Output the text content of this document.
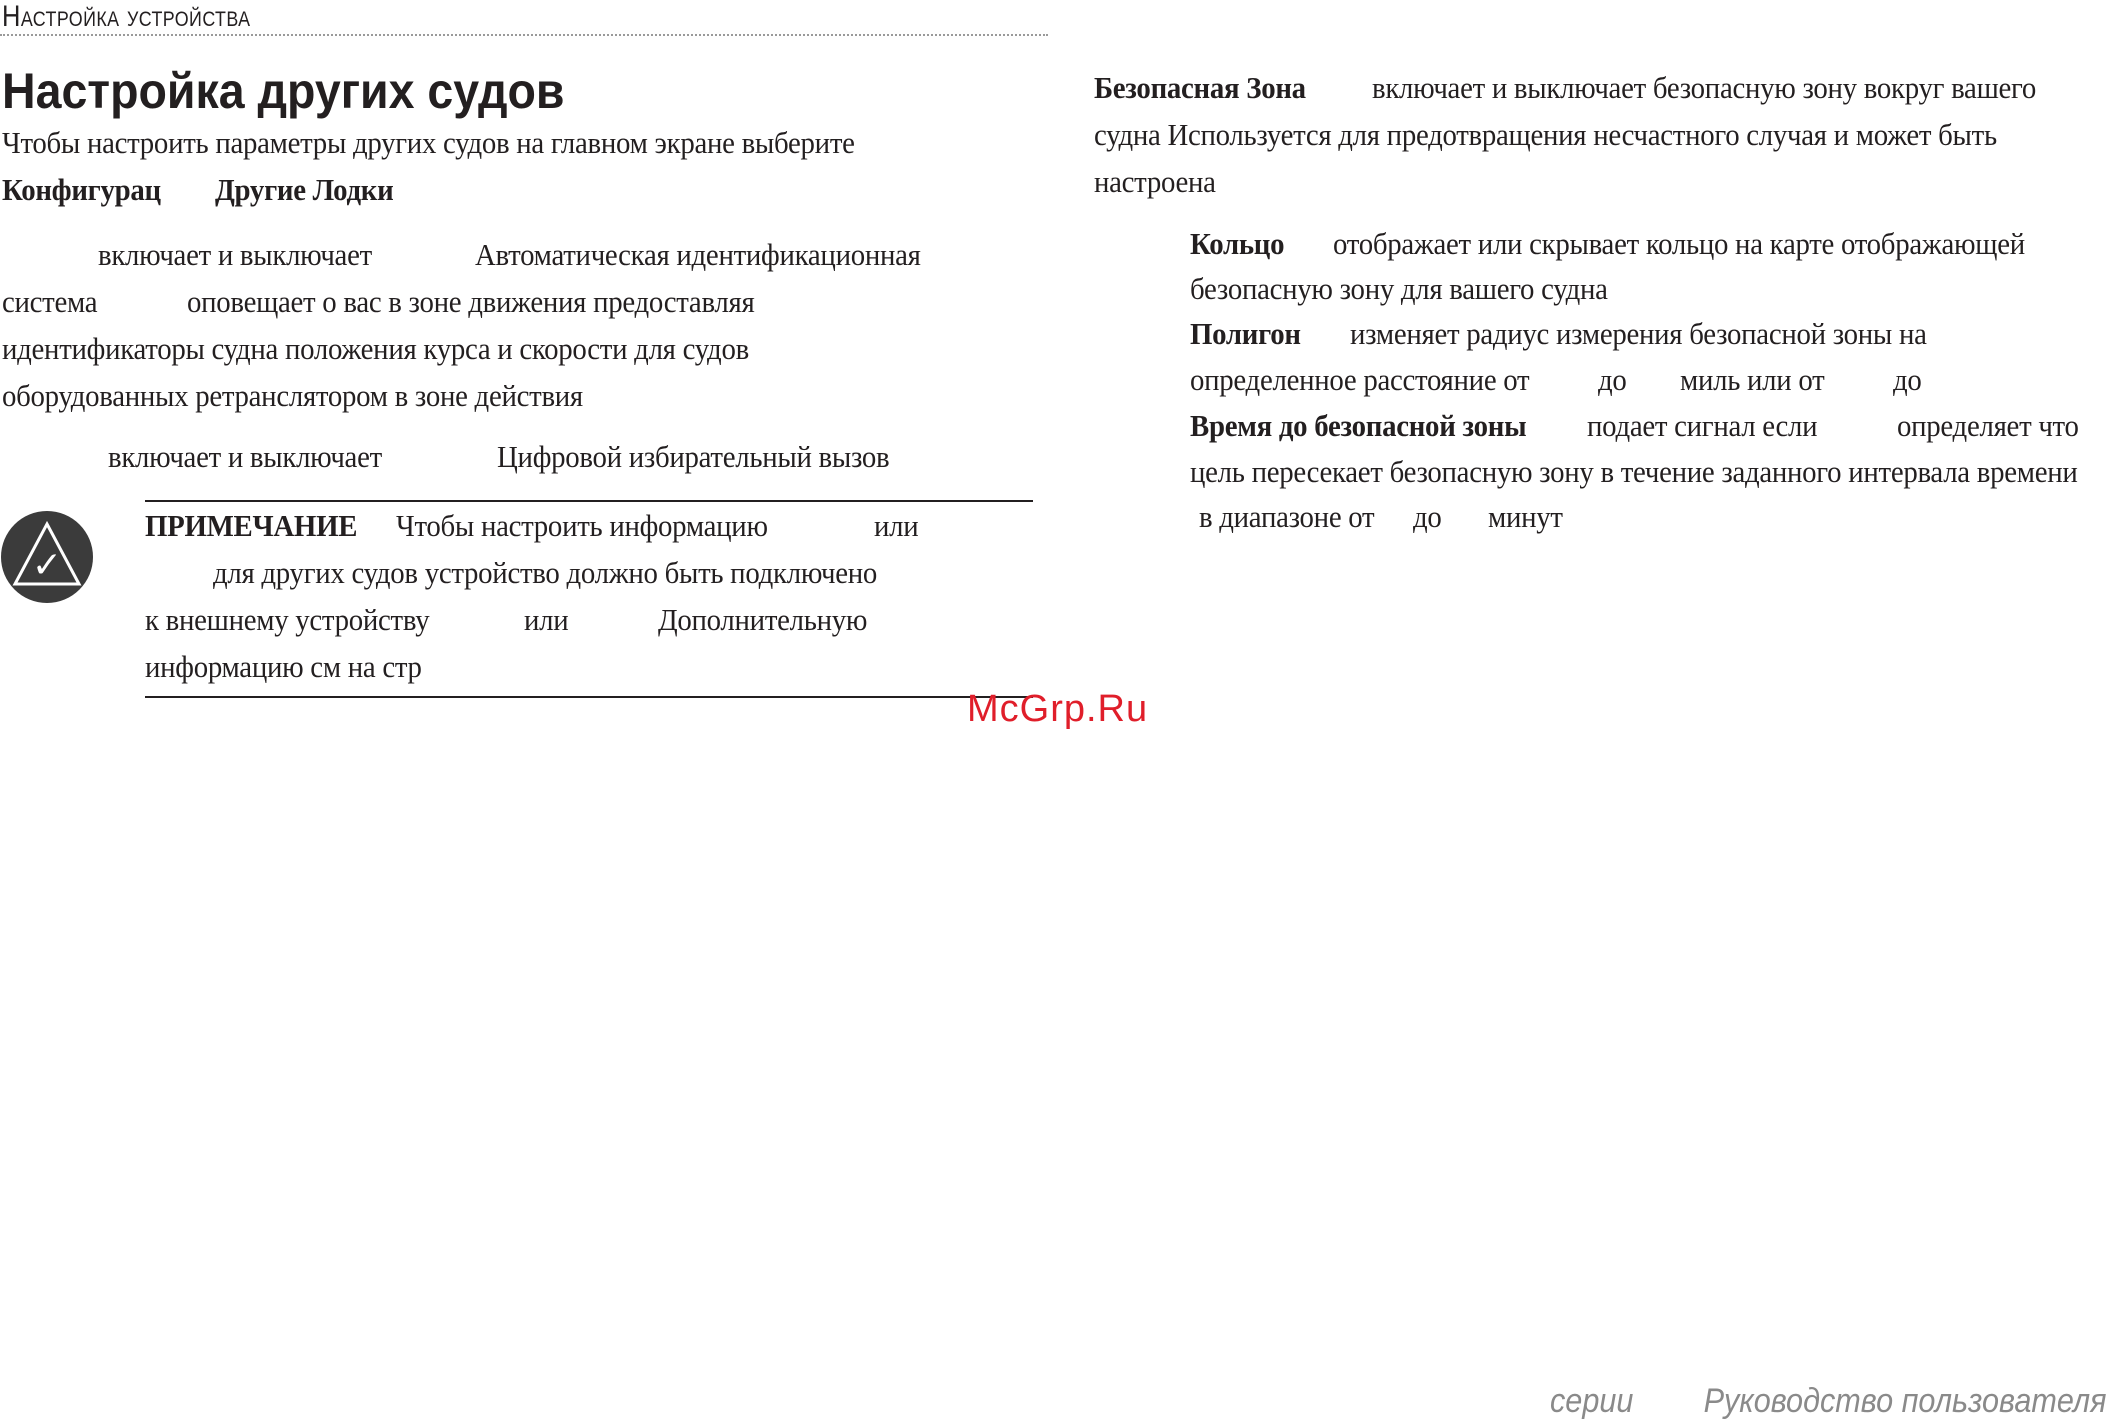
Настройка устройства
Настройка других судов
Чтобы настроить параметры других судов на главном экране выберите
Конфигурац Другие Лодки
включает и выключает	Автоматическая идентификационная
система	оповещает о вас в зоне движения предоставляя
идентификаторы судна положения курса и скорости для судов
оборудованных ретранслятором в зоне действия
включает и выключает	Цифровой избирательный вызов
✓
ПРИМЕЧАНИЕ Чтобы настроить информацию	или
для других судов устройство должно быть подключено
к внешнему устройству	или	Дополнительную
информацию см на стр
Безопасная Зона включает и выключает безопасную зону вокруг вашего
судна Используется для предотвращения несчастного случая и может быть
настроена
Кольцо отображает или скрывает кольцо на карте отображающей
безопасную зону для вашего судна
Полигон изменяет радиус измерения безопасной зоны на
определенное расстояние от до миль или от до
Время до безопасной зоны подает сигнал если	определяет что
цель пересекает безопасную зону в течение заданного интервала времени
в диапазоне от до минут
McGrp.Ru
серии Руководство пользователя
